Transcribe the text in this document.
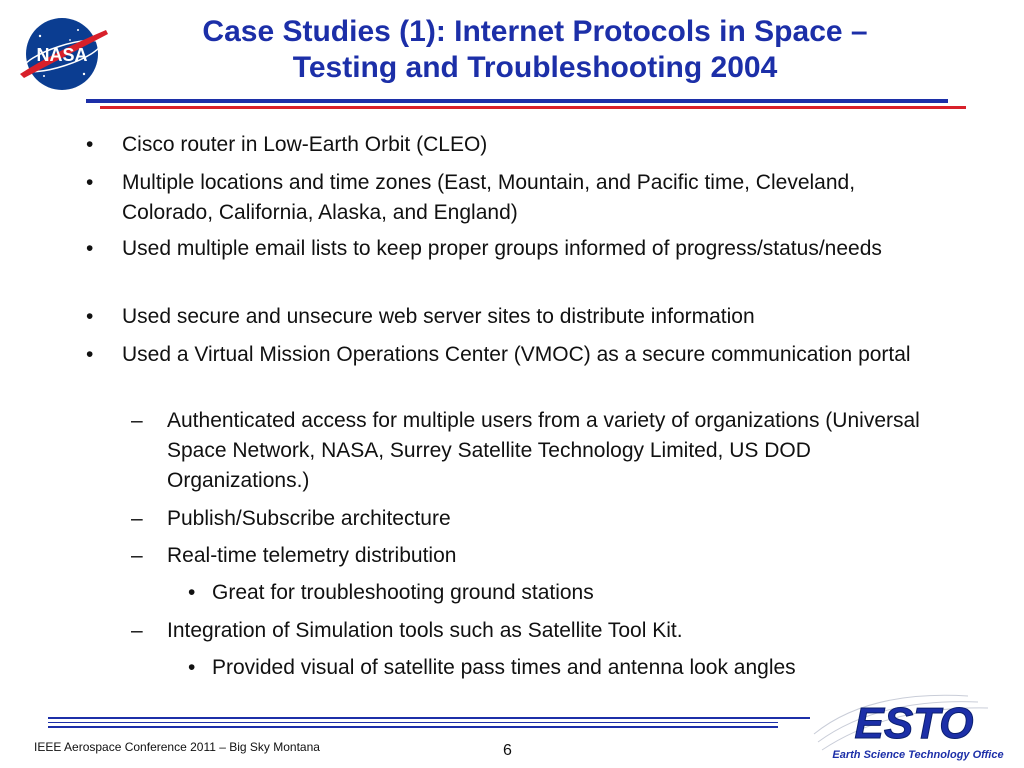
NASA
Case Studies (1): Internet Protocols in Space –
Testing and Troubleshooting 2004
• Cisco router in Low-Earth Orbit (CLEO)
• Multiple locations and time zones (East, Mountain, and Pacific time, Cleveland, Colorado, California, Alaska, and England)
• Used multiple email lists to keep proper groups informed of progress/status/needs
• Used secure and unsecure web server sites to distribute information
• Used a Virtual Mission Operations Center (VMOC) as a secure communication portal
– Authenticated access for multiple users from a variety of organizations (Universal Space Network, NASA, Surrey Satellite Technology Limited, US DOD Organizations.)
– Publish/Subscribe architecture
– Real-time telemetry distribution
• Great for troubleshooting ground stations
– Integration of Simulation tools such as Satellite Tool Kit.
• Provided visual of satellite pass times and antenna look angles
IEEE Aerospace Conference 2011 – Big Sky Montana	6
ESTO
Earth Science Technology Office
